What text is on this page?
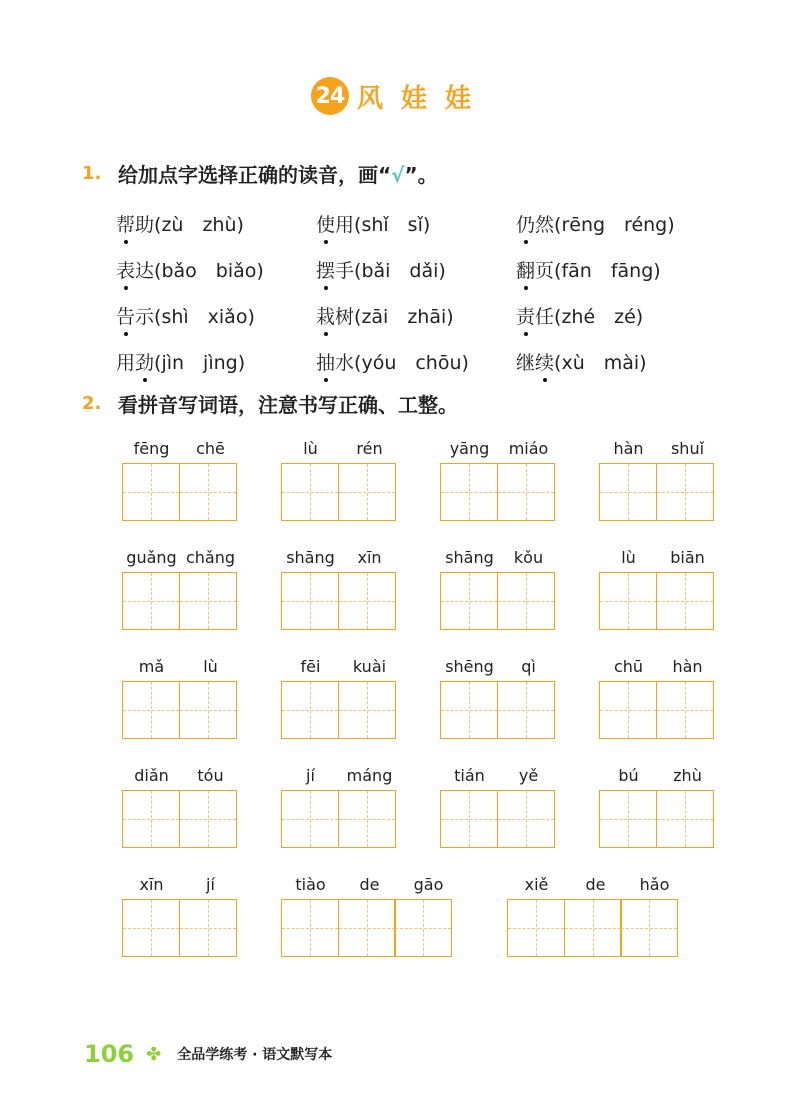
24 风娃娃
1. 给加点字选择正确的读音，画“√”。
帮助(zù　zhù)	使用(shǐ　sǐ)	仍然(rēng　réng)
表达(bǎo　biǎo)	摆手(bǎi　dǎi)	翻页(fān　fāng)
告示(shì　xiǎo)	栽树(zāi　zhāi)	责任(zhé　zé)
用劲(jìn　jìng)	抽水(yóu　chōu)	继续(xù　mài)
2. 看拼音写词语，注意书写正确、工整。
fēng	chē	lù	rén	yāng	miáo	hàn	shuǐ
guǎng chǎng	shāng	xīn	shāng	kǒu	lù	biān
mǎ	lù	fēi	kuài	shēng	qì	chū	hàn
diǎn	tóu	jí	máng	tián	yě	bú	zhù
xīn	jí	tiào	de	gāo	xiě	de	hǎo
106 ✤ 全品学练考 · 语文默写本
